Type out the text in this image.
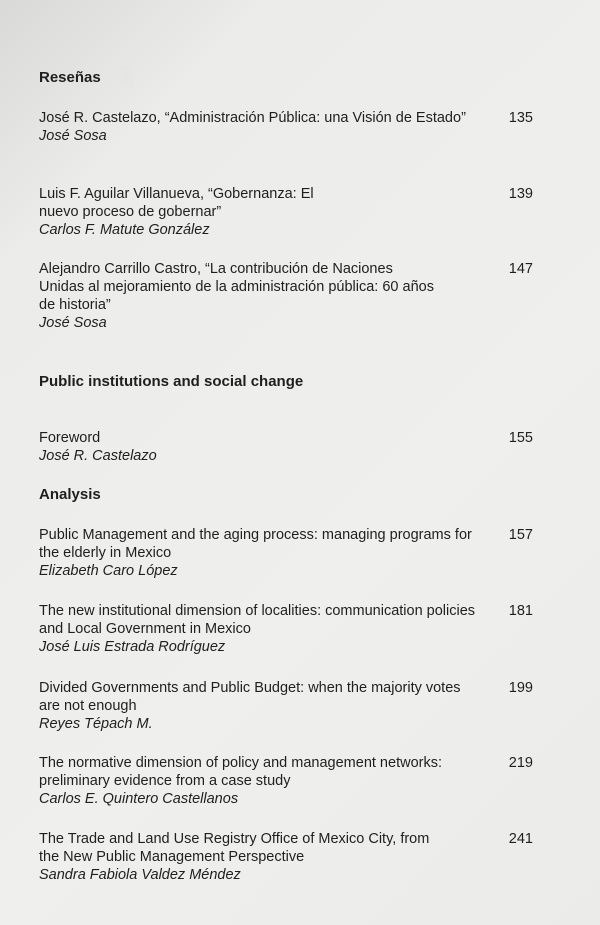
░
Reseñas
José R. Castelazo, “Administración Pública: una Visión de Estado”
José Sosa
135
Luis F. Aguilar Villanueva, “Gobernanza: El nuevo proceso de gobernar”
Carlos F. Matute González
139
Alejandro Carrillo Castro, “La contribución de Naciones Unidas al mejoramiento de la administración pública: 60 años de historia”
José Sosa
147
Public institutions and social change
Foreword
José R. Castelazo
155
Analysis
Public Management and the aging process: managing programs for the elderly in Mexico
Elizabeth Caro López
157
The new institutional dimension of localities: communication policies and Local Government in Mexico
José Luis Estrada Rodríguez
181
Divided Governments and Public Budget: when the majority votes are not enough
Reyes Tépach M.
199
The normative dimension of policy and management networks: preliminary evidence from a case study
Carlos E. Quintero Castellanos
219
The Trade and Land Use Registry Office of Mexico City, from the New Public Management Perspective
Sandra Fabiola Valdez Méndez
241
